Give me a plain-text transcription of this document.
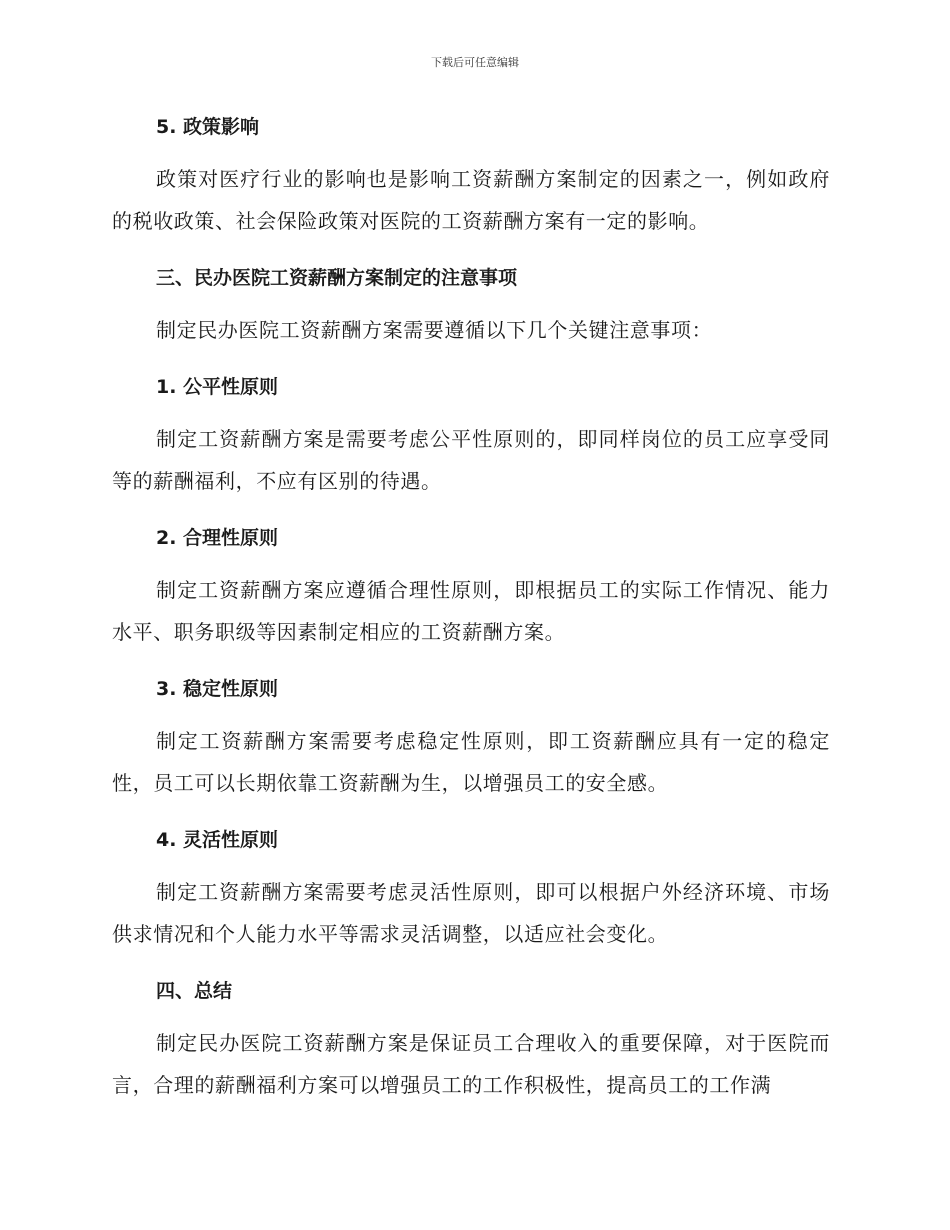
下载后可任意编辑

5. 政策影响

政策对医疗行业的影响也是影响工资薪酬方案制定的因素之一，例如政府的税收政策、社会保险政策对医院的工资薪酬方案有一定的影响。

三、民办医院工资薪酬方案制定的注意事项

制定民办医院工资薪酬方案需要遵循以下几个关键注意事项：

1. 公平性原则

制定工资薪酬方案是需要考虑公平性原则的，即同样岗位的员工应享受同等的薪酬福利，不应有区别的待遇。

2. 合理性原则

制定工资薪酬方案应遵循合理性原则，即根据员工的实际工作情况、能力水平、职务职级等因素制定相应的工资薪酬方案。

3. 稳定性原则

制定工资薪酬方案需要考虑稳定性原则，即工资薪酬应具有一定的稳定性，员工可以长期依靠工资薪酬为生，以增强员工的安全感。

4. 灵活性原则

制定工资薪酬方案需要考虑灵活性原则，即可以根据户外经济环境、市场供求情况和个人能力水平等需求灵活调整，以适应社会变化。

四、总结

制定民办医院工资薪酬方案是保证员工合理收入的重要保障，对于医院而言，合理的薪酬福利方案可以增强员工的工作积极性，提高员工的工作满
